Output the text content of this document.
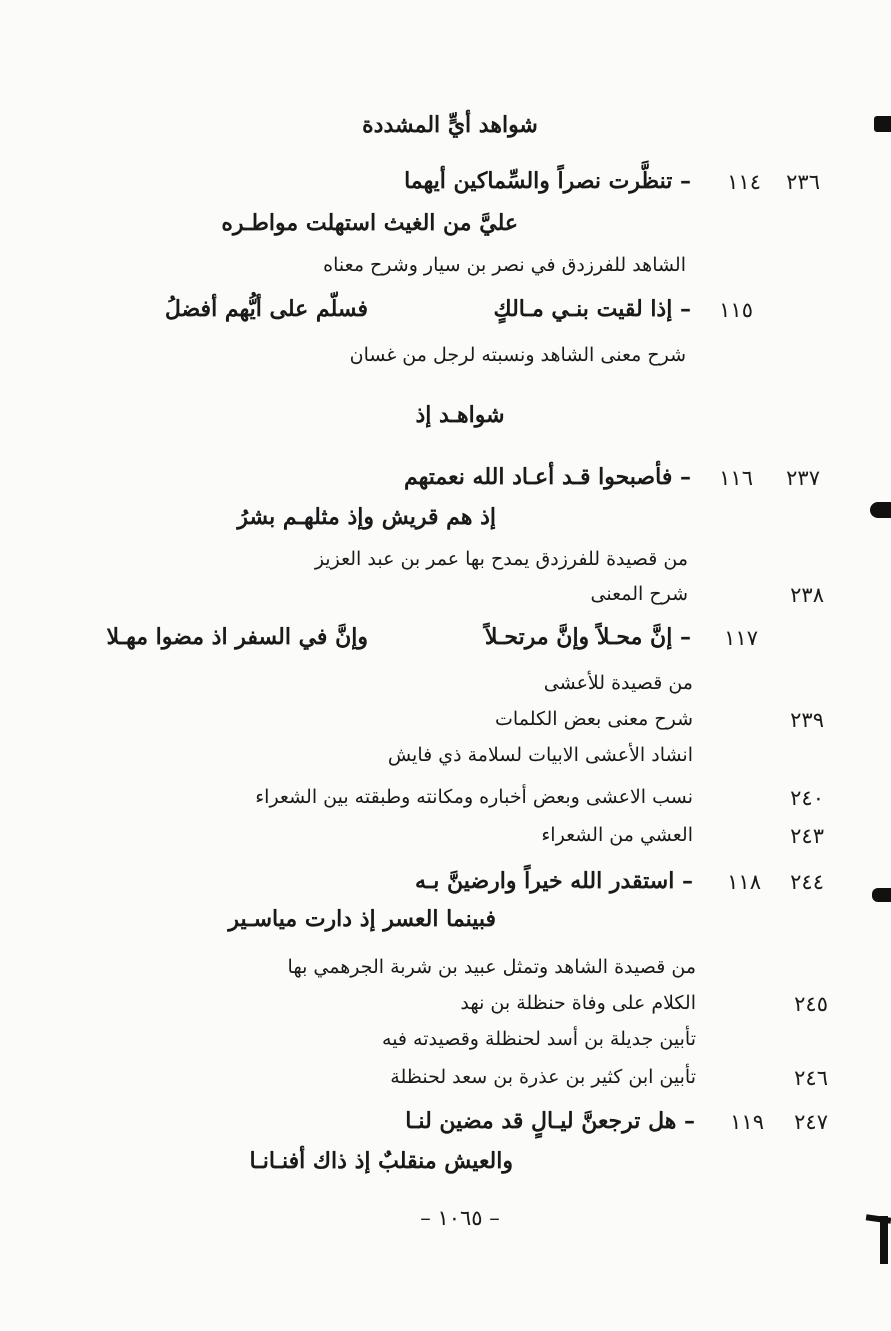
شواهد أيٍّ المشددة
٢٣٦
١١٤
– تنظَّرت نصراً والسِّماكين أيهما
عليَّ من الغيث استهلت مواطـره
الشاهد للفرزدق في نصر بن سيار وشرح معناه
١١٥
– إذا لقيت بنـي مـالكٍ
فسلّم على أيُّهم أفضلُ
شرح معنى الشاهد ونسبته لرجل من غسان
شواهـد إذ
٢٣٧
١١٦
– فأصبحوا قـد أعـاد الله نعمتهم
إذ هم قريش وإذ مثلهـم بشرُ
من قصيدة للفرزدق يمدح بها عمر بن عبد العزيز
٢٣٨
شرح المعنى
١١٧
– إنَّ محـلاً وإنَّ مرتحـلاً
وإنَّ في السفر اذ مضوا مهـلا
من قصيدة للأعشى
٢٣٩
شرح معنى بعض الكلمات
انشاد الأعشى الابيات لسلامة ذي فايش
٢٤٠
نسب الاعشى وبعض أخباره ومكانته وطبقته بين الشعراء
٢٤٣
العشي من الشعراء
٢٤٤
١١٨
– استقدر الله خيراً وارضينَّ بـه
فبينما العسر إذ دارت مياسـير
من قصيدة الشاهد وتمثل عبيد بن شربة الجرهمي بها
٢٤٥
الكلام على وفاة حنظلة بن نهد
تأبين جديلة بن أسد لحنظلة وقصيدته فيه
٢٤٦
تأبين ابن كثير بن عذرة بن سعد لحنظلة
٢٤٧
١١٩
– هل ترجعنَّ ليـالٍ قد مضين لنـا
والعيش منقلبٌ إذ ذاك أفنـانـا
– ١٠٦٥ –
